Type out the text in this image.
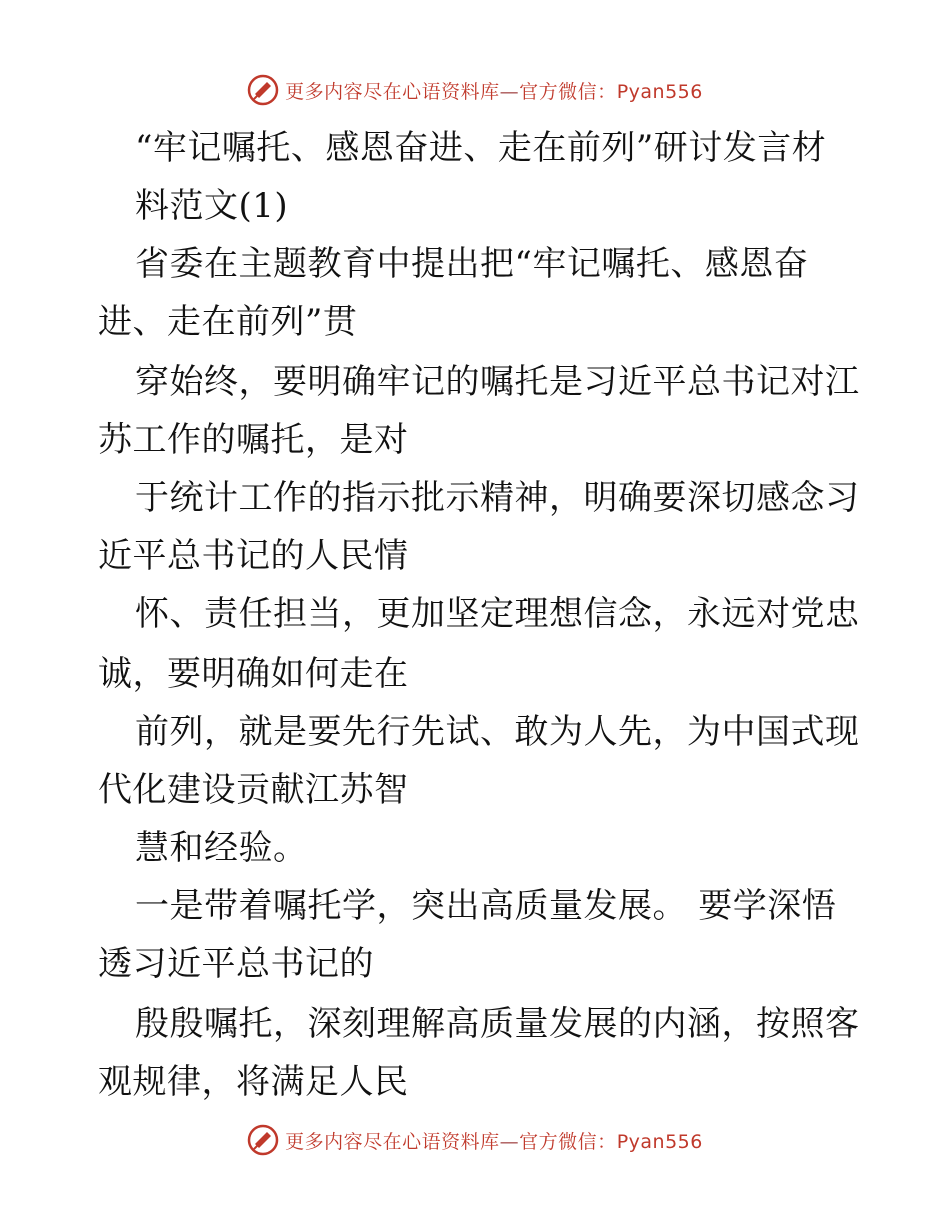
更多内容尽在心语资料库—官方微信：Pyan556
“牢记嘱托、感恩奋进、走在前列”研讨发言材
料范文(1)
省委在主题教育中提出把“牢记嘱托、感恩奋
进、走在前列”贯
穿始终，要明确牢记的嘱托是习近平总书记对江
苏工作的嘱托，是对
于统计工作的指示批示精神，明确要深切感念习
近平总书记的人民情
怀、责任担当，更加坚定理想信念，永远对党忠
诚，要明确如何走在
前列，就是要先行先试、敢为人先，为中国式现
代化建设贡献江苏智
慧和经验。
一是带着嘱托学，突出高质量发展。 要学深悟
透习近平总书记的
殷殷嘱托，深刻理解高质量发展的内涵，按照客
观规律，将满足人民
更多内容尽在心语资料库—官方微信：Pyan556
